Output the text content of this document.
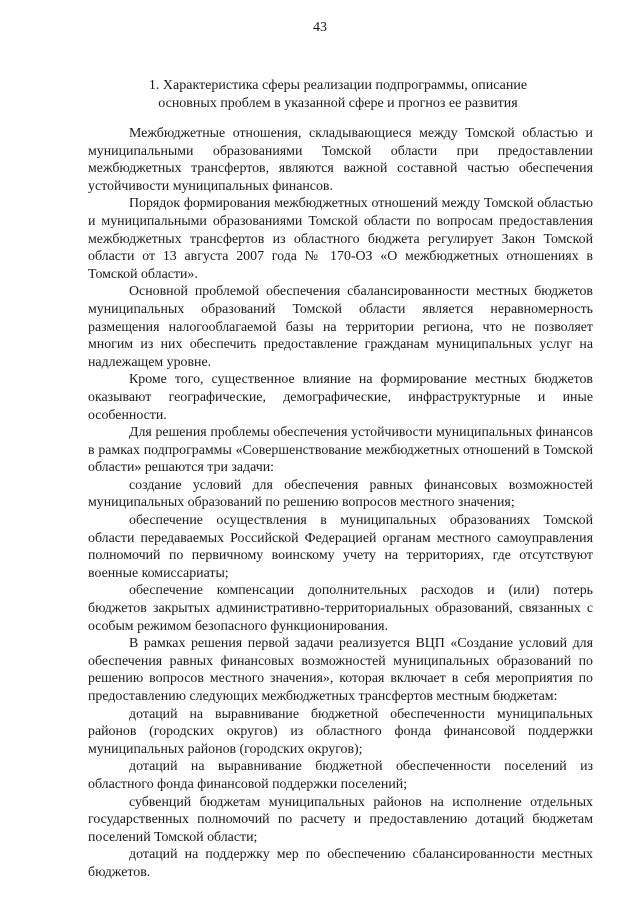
43
1. Характеристика сферы реализации подпрограммы, описание
основных проблем в указанной сфере и прогноз ее развития

Межбюджетные отношения, складывающиеся между Томской областью и муниципальными образованиями Томской области при предоставлении межбюджетных трансфертов, являются важной составной частью обеспечения устойчивости муниципальных финансов.

Порядок формирования межбюджетных отношений между Томской областью и муниципальными образованиями Томской области по вопросам предоставления межбюджетных трансфертов из областного бюджета регулирует Закон Томской области от 13 августа 2007 года № 170-ОЗ «О межбюджетных отношениях в Томской области».

Основной проблемой обеспечения сбалансированности местных бюджетов муниципальных образований Томской области является неравномерность размещения налогооблагаемой базы на территории региона, что не позволяет многим из них обеспечить предоставление гражданам муниципальных услуг на надлежащем уровне.

Кроме того, существенное влияние на формирование местных бюджетов оказывают географические, демографические, инфраструктурные и иные особенности.

Для решения проблемы обеспечения устойчивости муниципальных финансов в рамках подпрограммы «Совершенствование межбюджетных отношений в Томской области» решаются три задачи:

создание условий для обеспечения равных финансовых возможностей муниципальных образований по решению вопросов местного значения;

обеспечение осуществления в муниципальных образованиях Томской области передаваемых Российской Федерацией органам местного самоуправления полномочий по первичному воинскому учету на территориях, где отсутствуют военные комиссариаты;

обеспечение компенсации дополнительных расходов и (или) потерь бюджетов закрытых административно-территориальных образований, связанных с особым режимом безопасного функционирования.

В рамках решения первой задачи реализуется ВЦП «Создание условий для обеспечения равных финансовых возможностей муниципальных образований по решению вопросов местного значения», которая включает в себя мероприятия по предоставлению следующих межбюджетных трансфертов местным бюджетам:

дотаций на выравнивание бюджетной обеспеченности муниципальных районов (городских округов) из областного фонда финансовой поддержки муниципальных районов (городских округов);

дотаций на выравнивание бюджетной обеспеченности поселений из областного фонда финансовой поддержки поселений;

субвенций бюджетам муниципальных районов на исполнение отдельных государственных полномочий по расчету и предоставлению дотаций бюджетам поселений Томской области;

дотаций на поддержку мер по обеспечению сбалансированности местных бюджетов.
